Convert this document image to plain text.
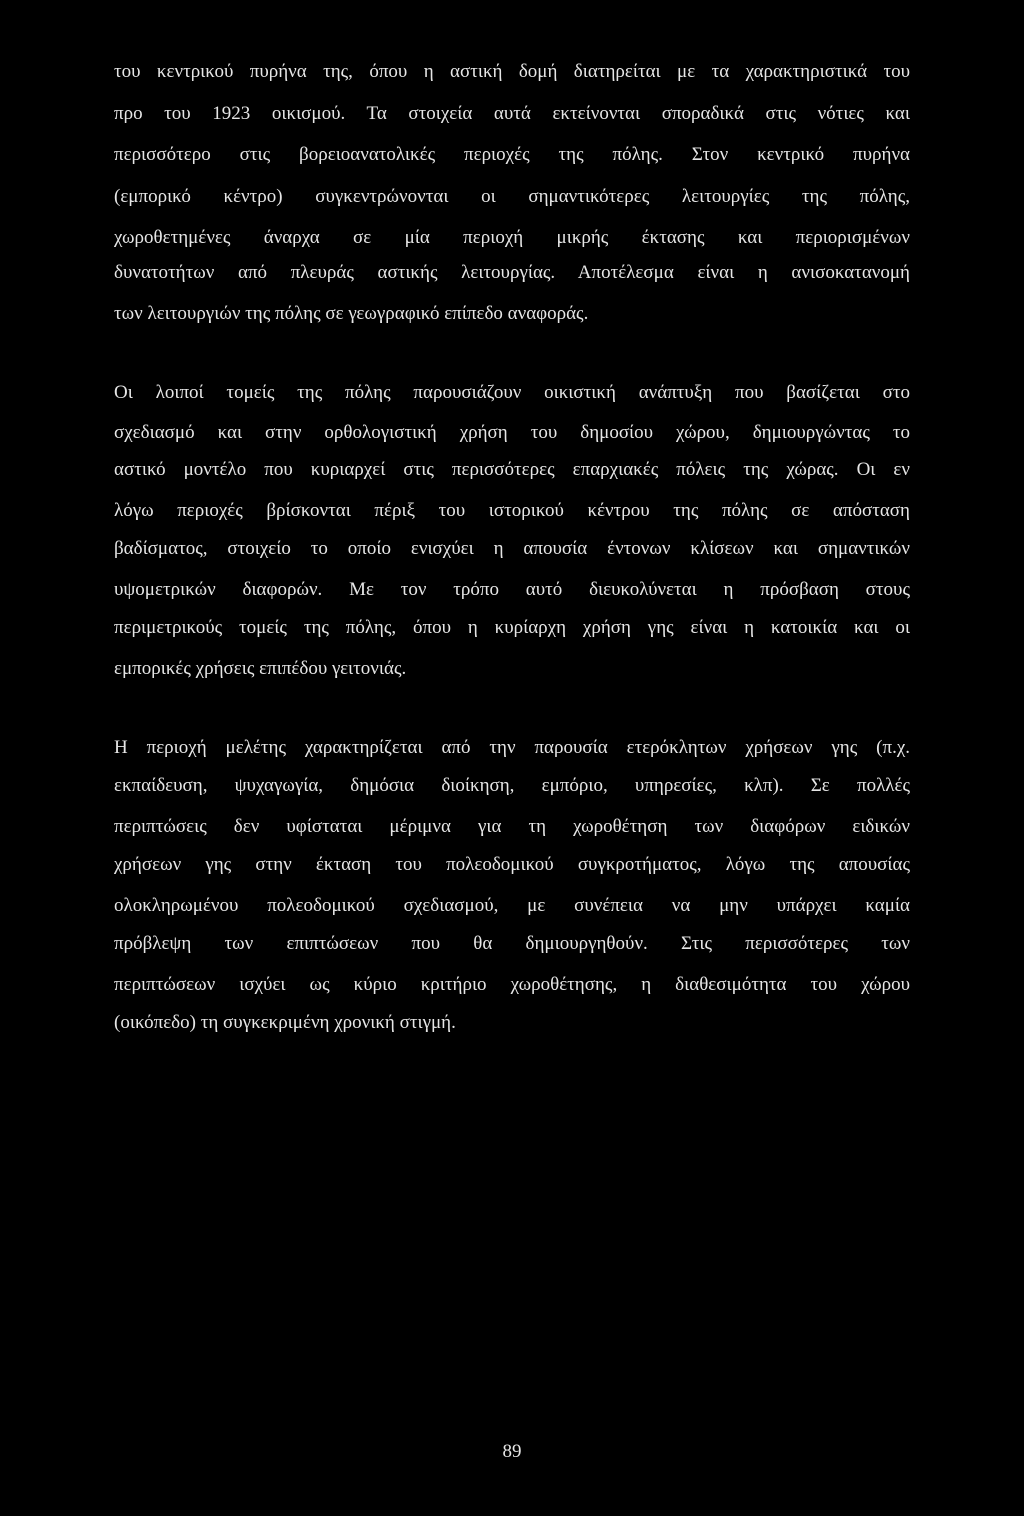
του κεντρικού πυρήνα της, όπου η αστική δομή διατηρείται με τα χαρακτηριστικά του
προ του 1923 οικισμού. Τα στοιχεία αυτά εκτείνονται σποραδικά στις νότιες και
περισσότερο στις βορειοανατολικές περιοχές της πόλης. Στον κεντρικό πυρήνα
(εμπορικό κέντρο) συγκεντρώνονται οι σημαντικότερες λειτουργίες της πόλης,
χωροθετημένες άναρχα σε μία περιοχή μικρής έκτασης και περιορισμένων
δυνατοτήτων από πλευράς αστικής λειτουργίας. Αποτέλεσμα είναι η ανισοκατανομή
των λειτουργιών της πόλης σε γεωγραφικό επίπεδο αναφοράς.
Οι λοιποί τομείς της πόλης παρουσιάζουν οικιστική ανάπτυξη που βασίζεται στο
σχεδιασμό και στην ορθολογιστική χρήση του δημοσίου χώρου, δημιουργώντας το
αστικό μοντέλο που κυριαρχεί στις περισσότερες επαρχιακές πόλεις της χώρας. Οι εν
λόγω περιοχές βρίσκονται πέριξ του ιστορικού κέντρου της πόλης σε απόσταση
βαδίσματος, στοιχείο το οποίο ενισχύει η απουσία έντονων κλίσεων και σημαντικών
υψομετρικών διαφορών. Με τον τρόπο αυτό διευκολύνεται η πρόσβαση στους
περιμετρικούς τομείς της πόλης, όπου η κυρίαρχη χρήση γης είναι η κατοικία και οι
εμπορικές χρήσεις επιπέδου γειτονιάς.
Η περιοχή μελέτης χαρακτηρίζεται από την παρουσία ετερόκλητων χρήσεων γης (π.χ.
εκπαίδευση, ψυχαγωγία, δημόσια διοίκηση, εμπόριο, υπηρεσίες, κλπ). Σε πολλές
περιπτώσεις δεν υφίσταται μέριμνα για τη χωροθέτηση των διαφόρων ειδικών
χρήσεων γης στην έκταση του πολεοδομικού συγκροτήματος, λόγω της απουσίας
ολοκληρωμένου πολεοδομικού σχεδιασμού, με συνέπεια να μην υπάρχει καμία
πρόβλεψη των επιπτώσεων που θα δημιουργηθούν. Στις περισσότερες των
περιπτώσεων ισχύει ως κύριο κριτήριο χωροθέτησης, η διαθεσιμότητα του χώρου
(οικόπεδο) τη συγκεκριμένη χρονική στιγμή.
89
